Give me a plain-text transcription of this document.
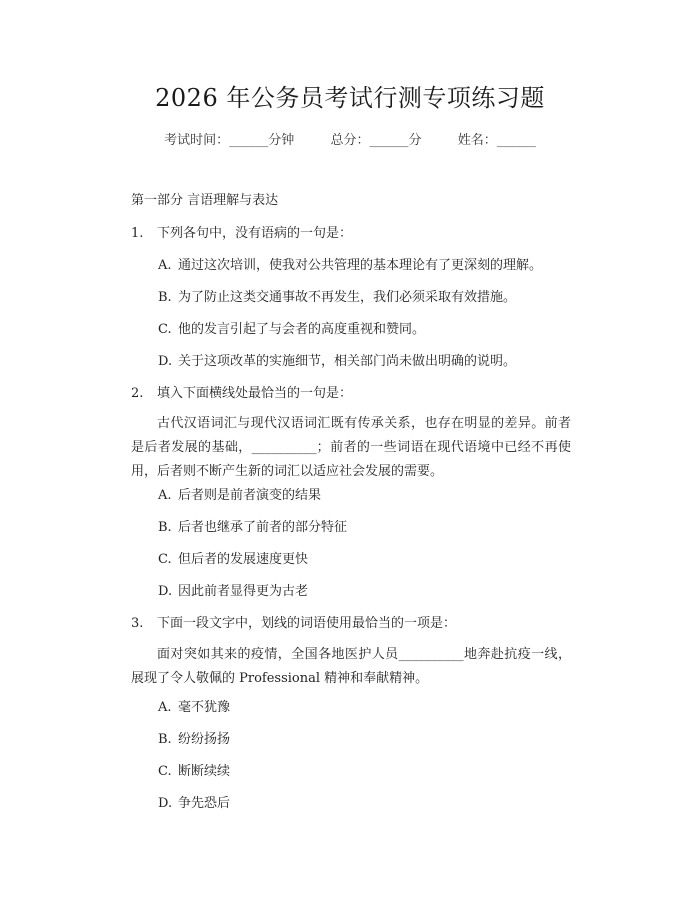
2026 年公务员考试行测专项练习题
考试时间：______分钟	总分：______分	姓名：______
第一部分 言语理解与表达
1. 下列各句中，没有语病的一句是：
A. 通过这次培训，使我对公共管理的基本理论有了更深刻的理解。
B. 为了防止这类交通事故不再发生，我们必须采取有效措施。
C. 他的发言引起了与会者的高度重视和赞同。
D. 关于这项改革的实施细节，相关部门尚未做出明确的说明。
2. 填入下面横线处最恰当的一句是：
古代汉语词汇与现代汉语词汇既有传承关系，也存在明显的差异。前者是后者发展的基础，__________；前者的一些词语在现代语境中已经不再使用，后者则不断产生新的词汇以适应社会发展的需要。
A. 后者则是前者演变的结果
B. 后者也继承了前者的部分特征
C. 但后者的发展速度更快
D. 因此前者显得更为古老
3. 下面一段文字中，划线的词语使用最恰当的一项是：
面对突如其来的疫情，全国各地医护人员__________地奔赴抗疫一线，展现了令人敬佩的 Professional 精神和奉献精神。
A. 毫不犹豫
B. 纷纷扬扬
C. 断断续续
D. 争先恐后
